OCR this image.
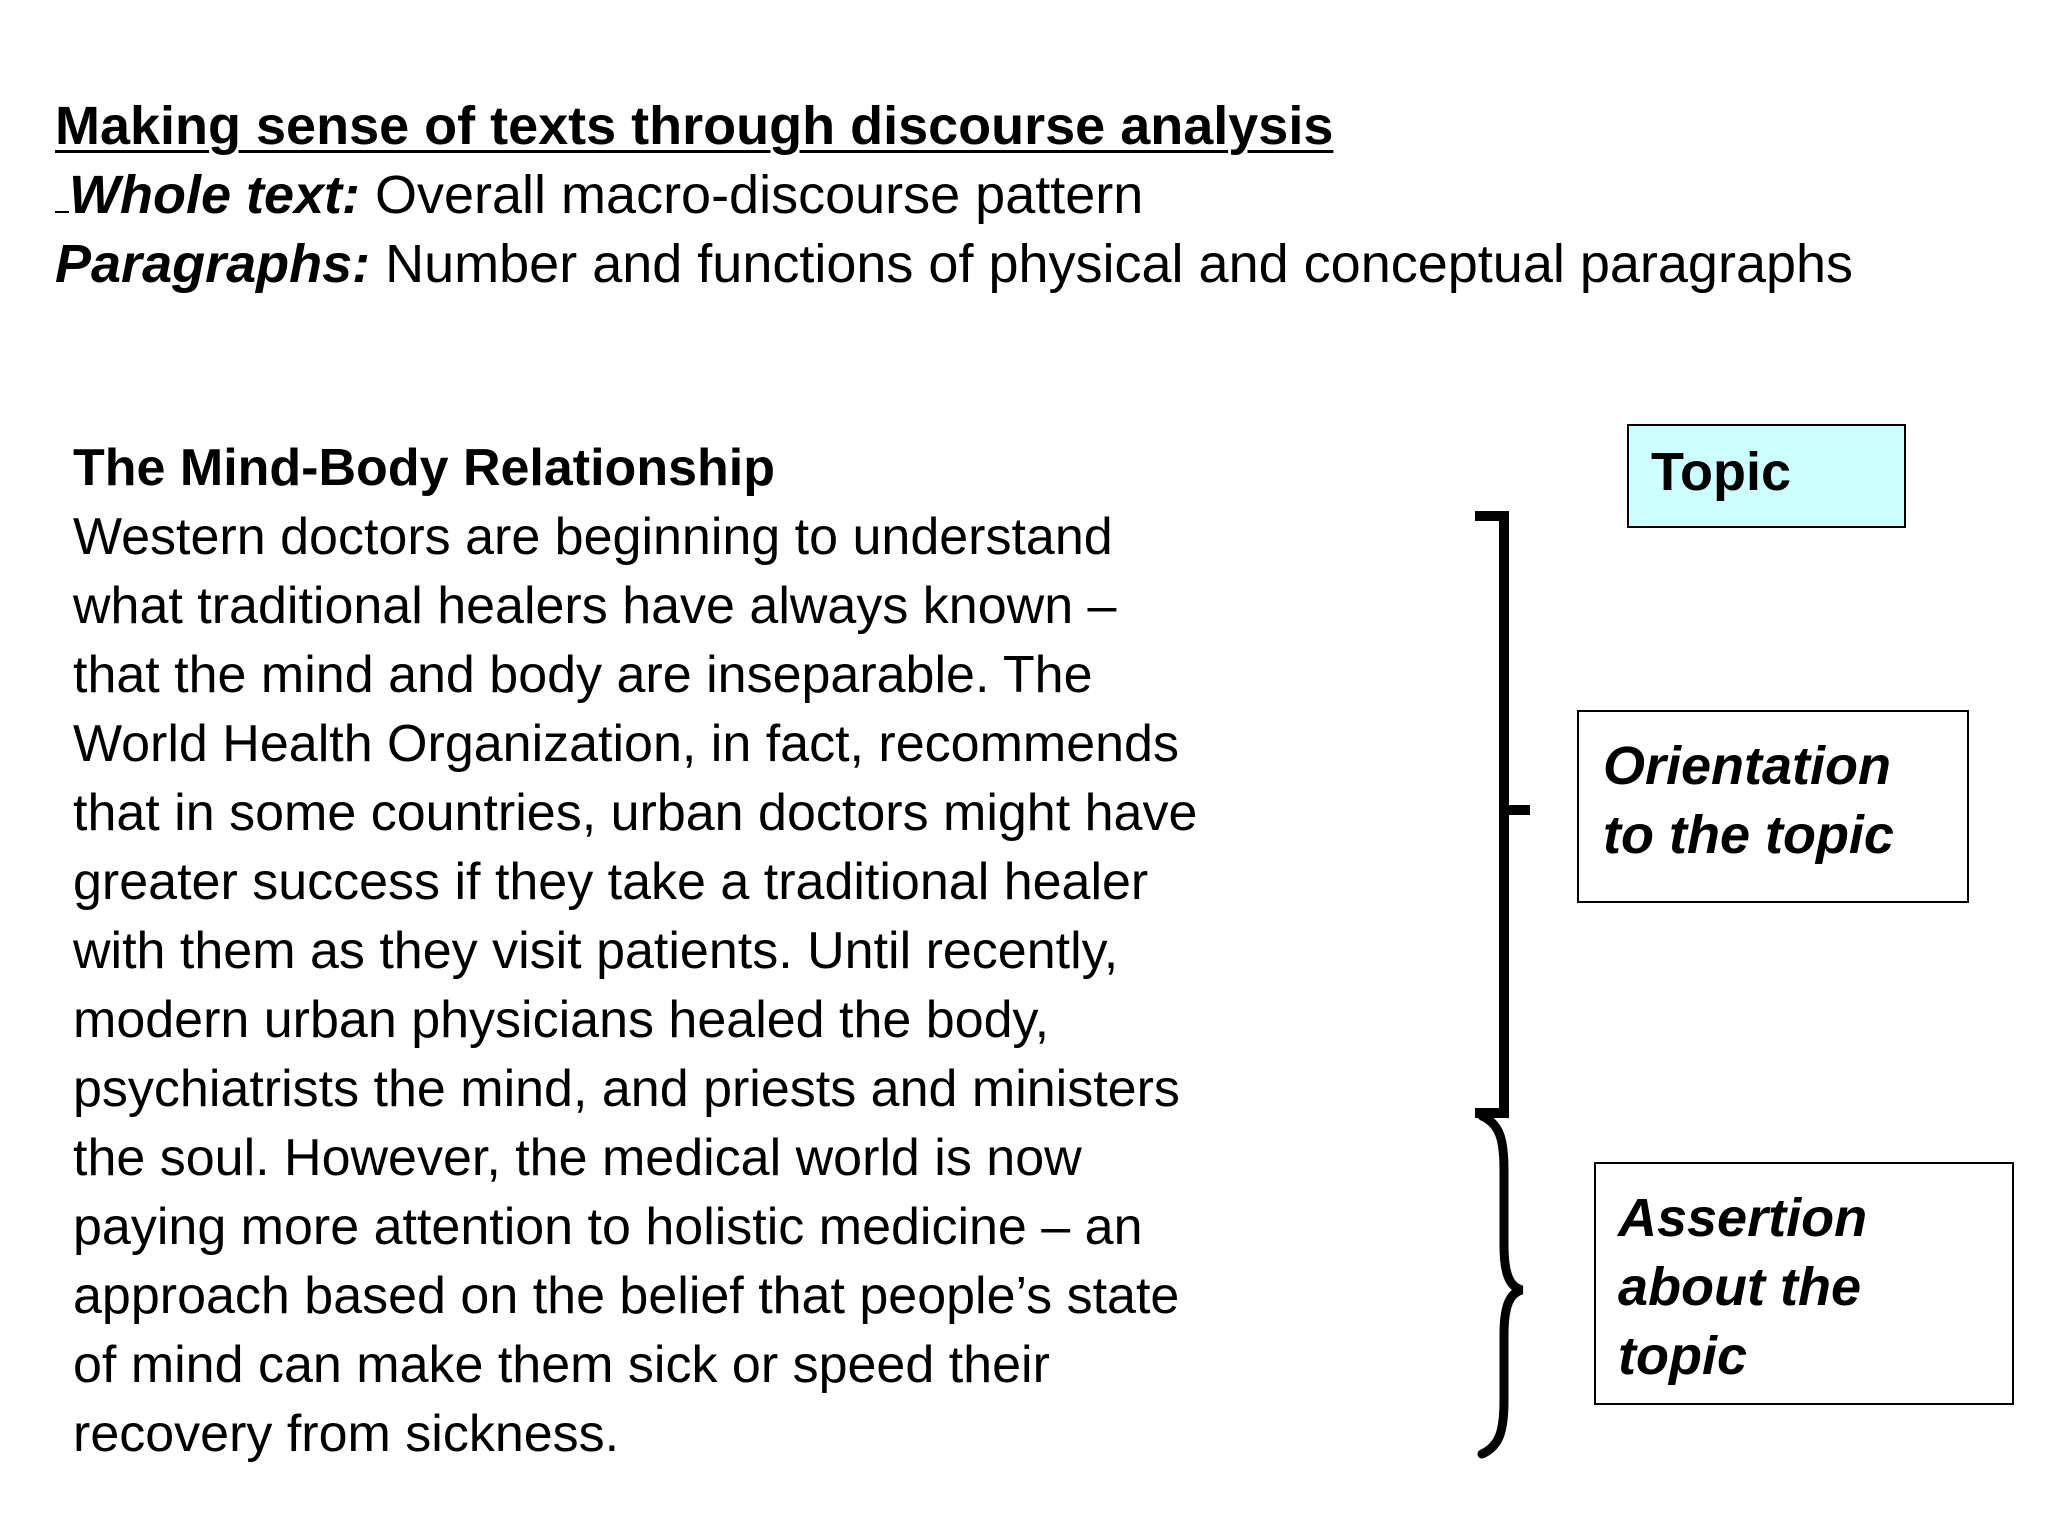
Making sense of texts through discourse analysis
Whole text: Overall macro-discourse pattern
Paragraphs: Number and functions of physical and conceptual paragraphs
The Mind-Body Relationship
Western doctors are beginning to understand
what traditional healers have always known –
that the mind and body are inseparable. The
World Health Organization, in fact, recommends
that in some countries, urban doctors might have
greater success if they take a traditional healer
with them as they visit patients. Until recently,
modern urban physicians healed the body,
psychiatrists the mind, and priests and ministers
the soul. However, the medical world is now
paying more attention to holistic medicine – an
approach based on the belief that people’s state
of mind can make them sick or speed their
recovery from sickness.
Topic
Orientation
to the topic
Assertion
about the
topic
